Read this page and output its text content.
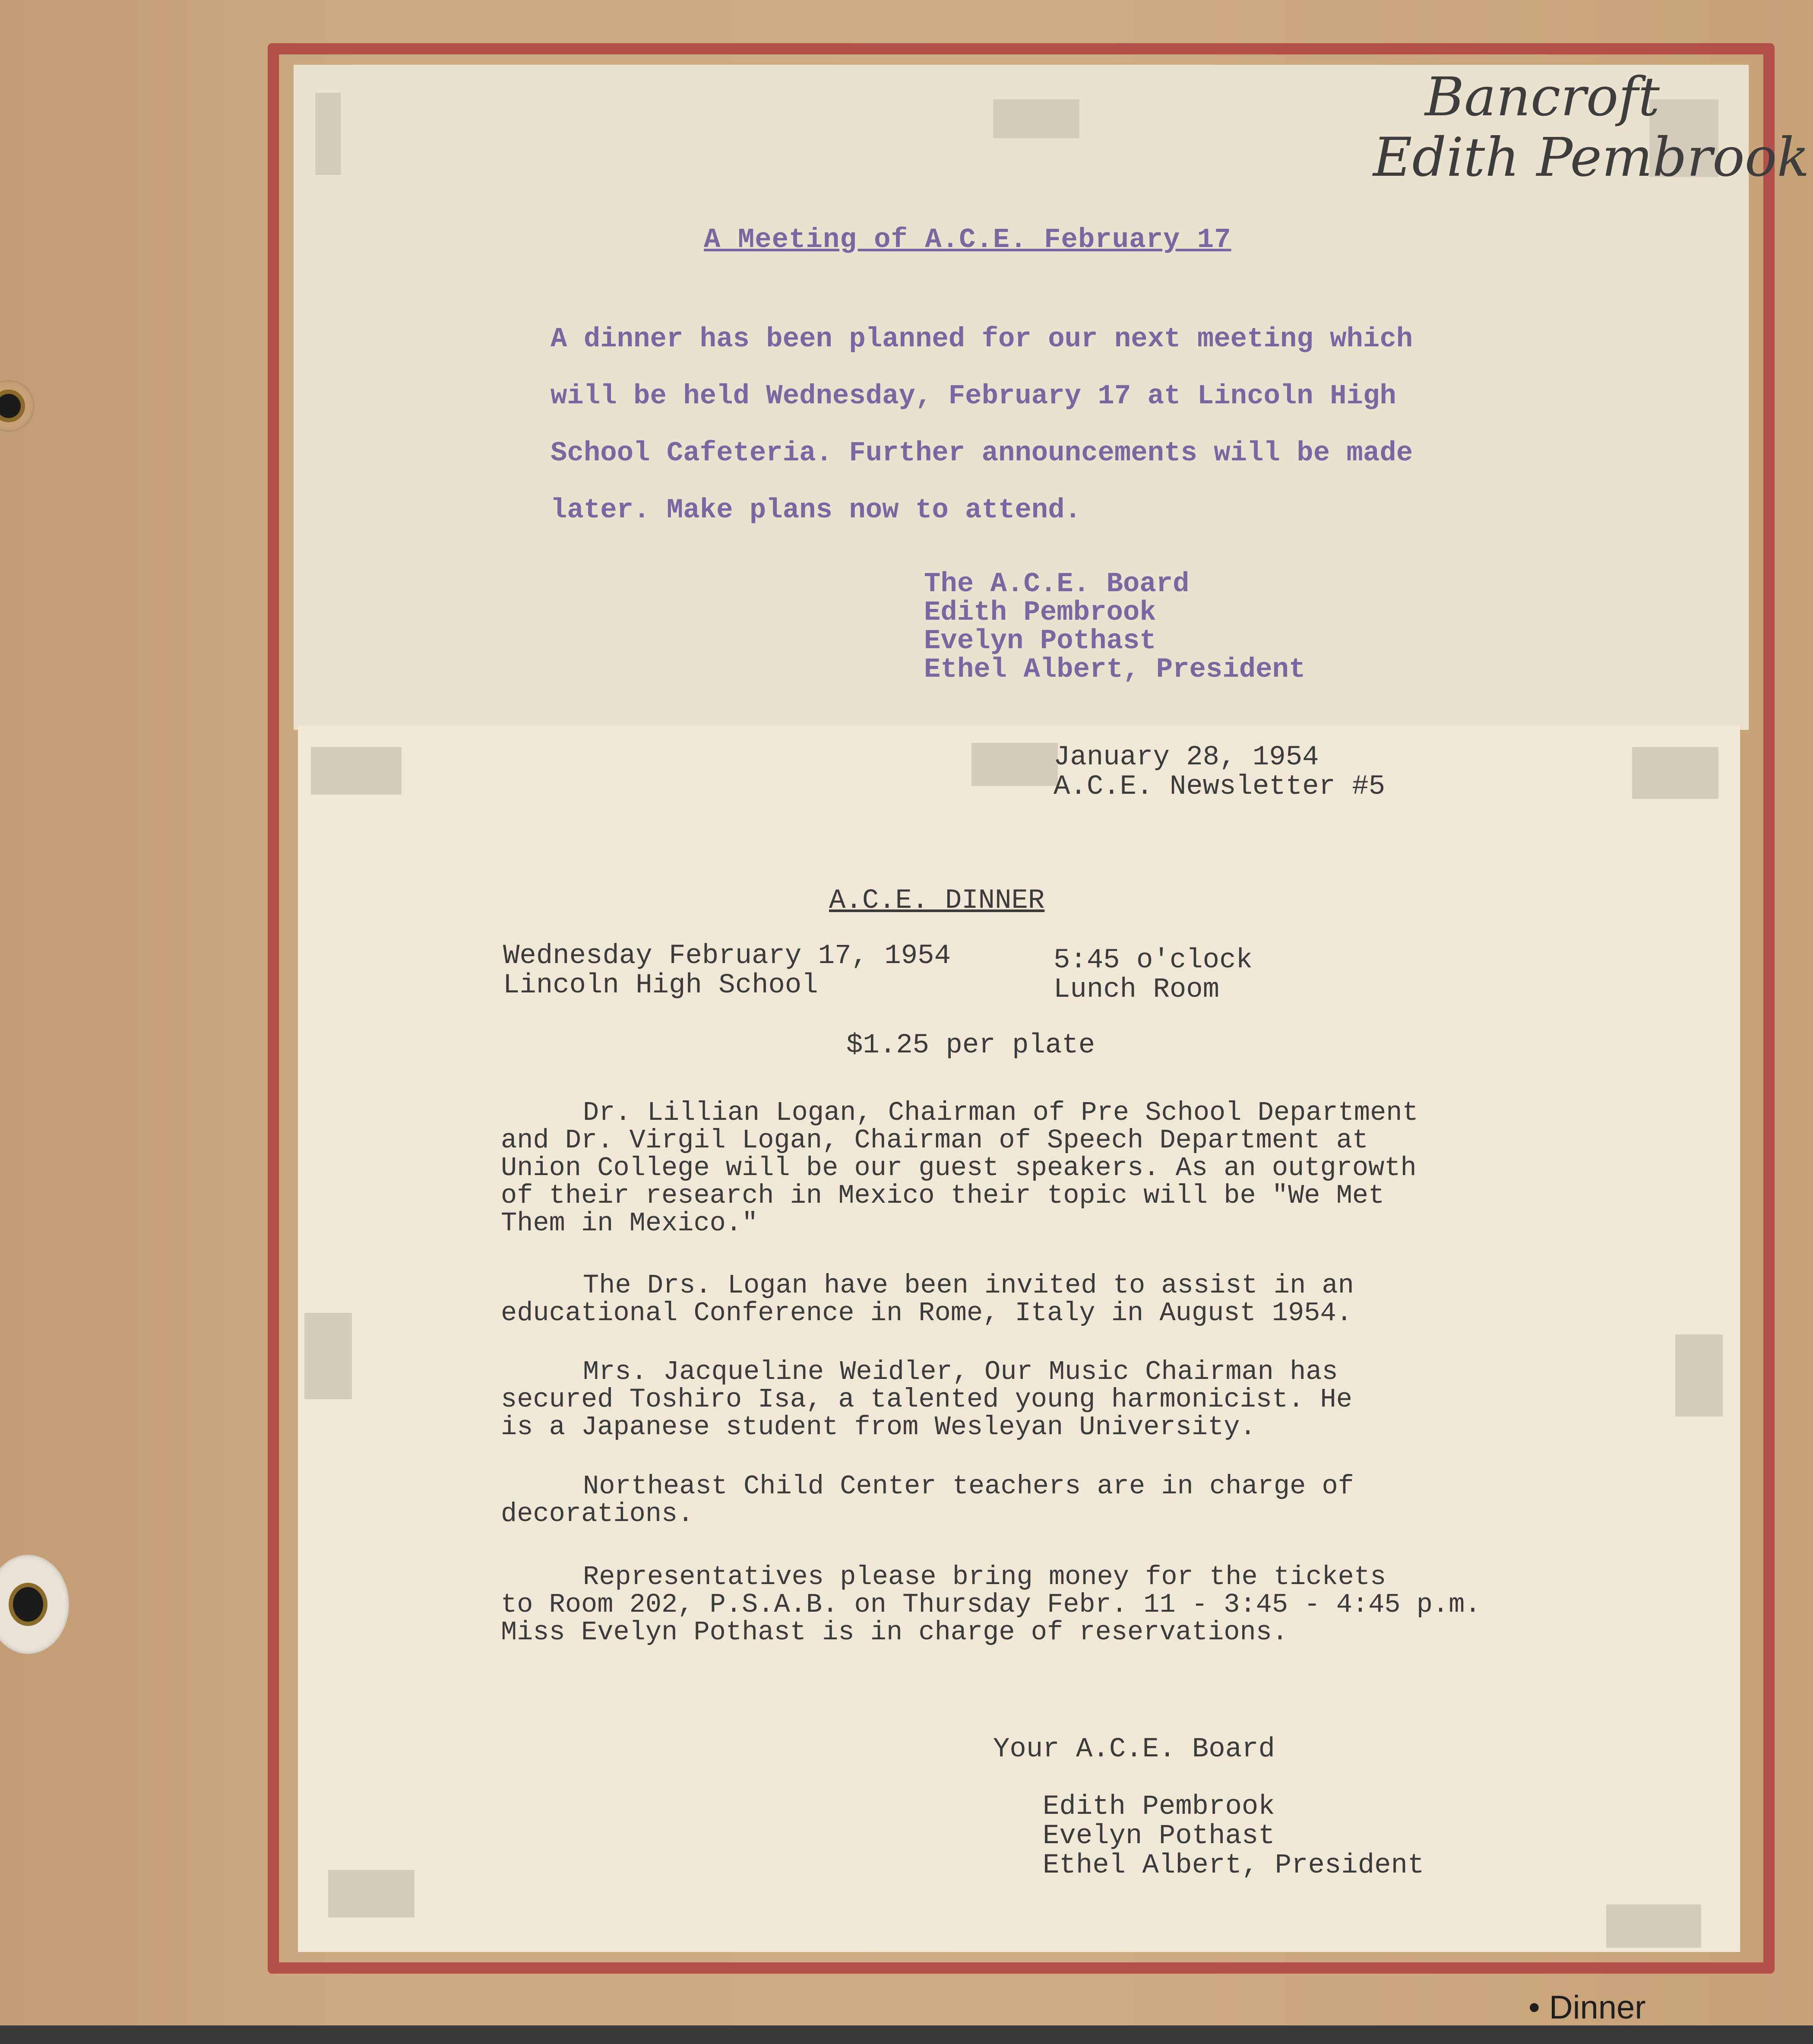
Bancroft
Edith Pembrook
A Meeting of A.C.E. February 17
A dinner has been planned for our next meeting which will be held Wednesday, February 17 at Lincoln High School Cafeteria. Further announcements will be made later. Make plans now to attend.
The A.C.E. Board
Edith Pembrook
Evelyn Pothast
Ethel Albert, President
January 28, 1954
A.C.E. Newsletter #5
A.C.E. DINNER
Wednesday February 17, 1954
Lincoln High School
5:45 o'clock
Lunch Room
$1.25 per plate
Dr. Lillian Logan, Chairman of Pre School Department
and Dr. Virgil Logan, Chairman of Speech Department at
Union College will be our guest speakers. As an outgrowth
of their research in Mexico their topic will be "We Met
Them in Mexico."
The Drs. Logan have been invited to assist in an
educational Conference in Rome, Italy in August 1954.
Mrs. Jacqueline Weidler, Our Music Chairman has
secured Toshiro Isa, a talented young harmonicist. He
is a Japanese student from Wesleyan University.
Northeast Child Center teachers are in charge of
decorations.
Representatives please bring money for the tickets
to Room 202, P.S.A.B. on Thursday Febr. 11 - 3:45 - 4:45 p.m.
Miss Evelyn Pothast is in charge of reservations.
Your A.C.E. Board
Edith Pembrook
Evelyn Pothast
Ethel Albert, President
• Dinner
